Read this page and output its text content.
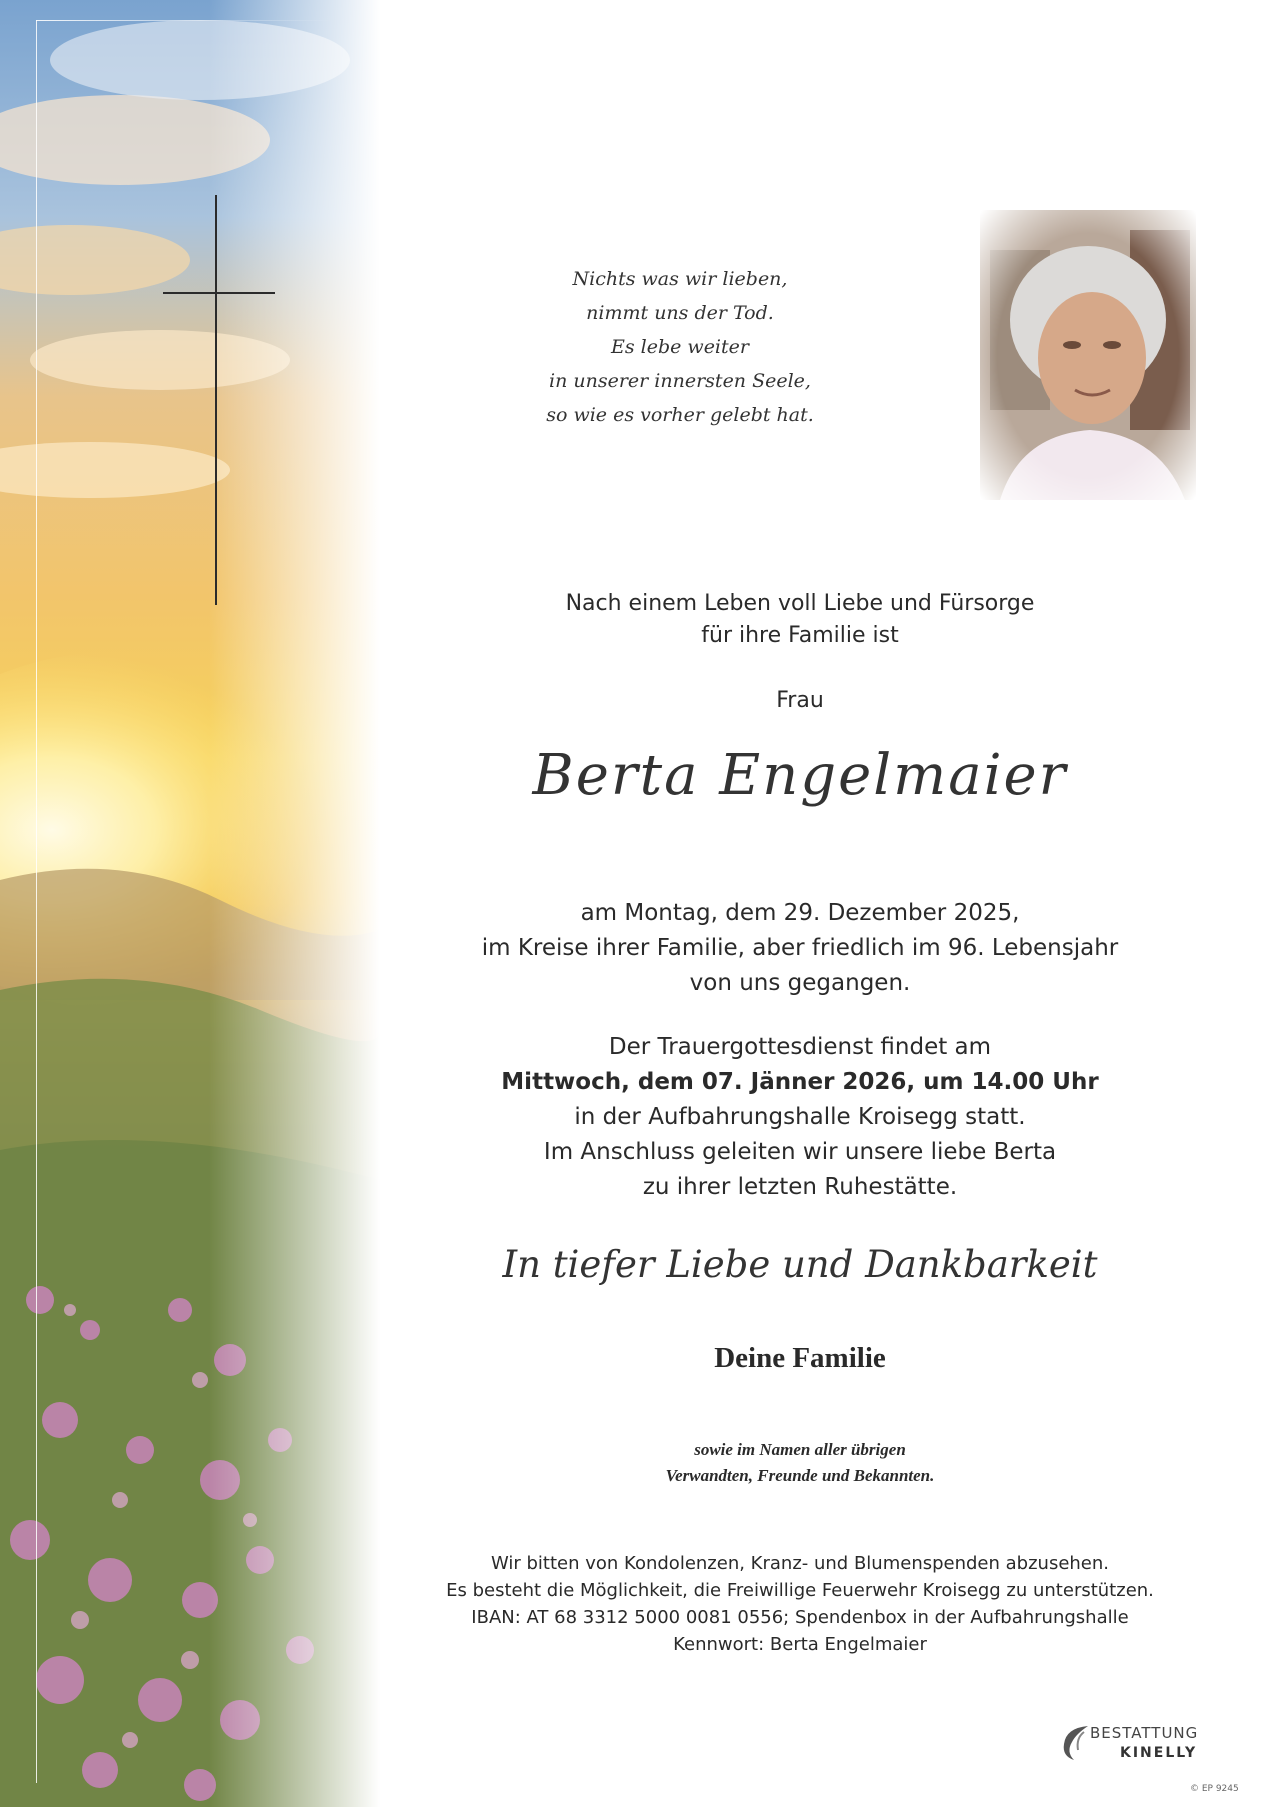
Nichts was wir lieben,
nimmt uns der Tod.
Es lebe weiter
in unserer innersten Seele,
so wie es vorher gelebt hat.
Nach einem Leben voll Liebe und Fürsorge
für ihre Familie ist
Frau
Berta Engelmaier
am Montag, dem 29. Dezember 2025,
im Kreise ihrer Familie, aber friedlich im 96. Lebensjahr
von uns gegangen.
Der Trauergottesdienst findet am
Mittwoch, dem 07. Jänner 2026, um 14.00 Uhr
in der Aufbahrungshalle Kroisegg statt.
Im Anschluss geleiten wir unsere liebe Berta
zu ihrer letzten Ruhestätte.
In tiefer Liebe und Dankbarkeit
Deine Familie
sowie im Namen aller übrigen
Verwandten, Freunde und Bekannten.
Wir bitten von Kondolenzen, Kranz- und Blumenspenden abzusehen.
Es besteht die Möglichkeit, die Freiwillige Feuerwehr Kroisegg zu unterstützen.
IBAN: AT 68 3312 5000 0081 0556; Spendenbox in der Aufbahrungshalle
Kennwort: Berta Engelmaier
BESTATTUNG
KINELLY
© EP 9245
